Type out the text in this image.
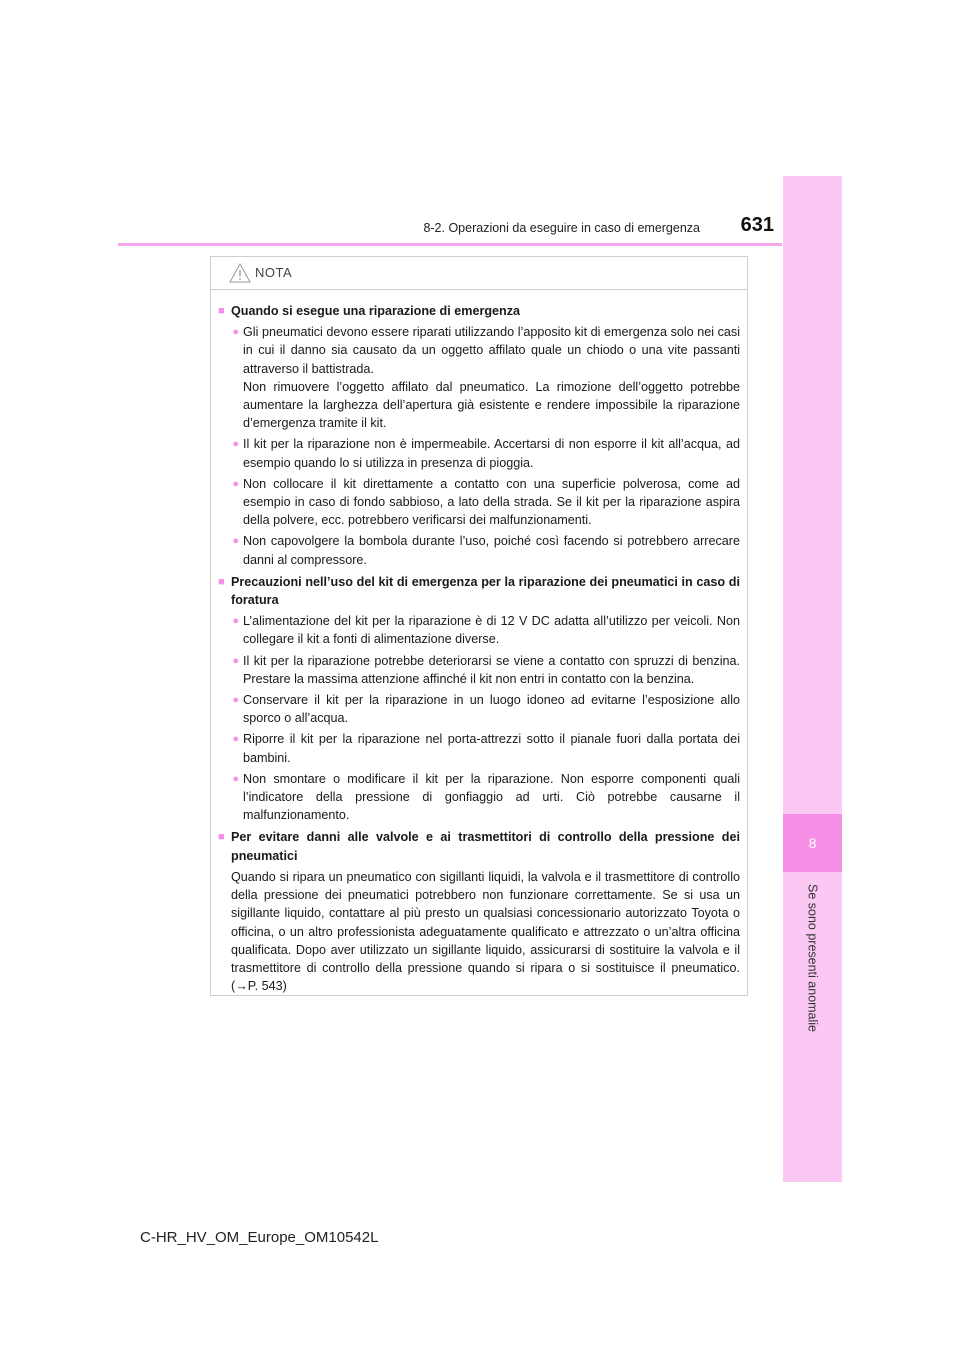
8
Se sono presenti anomalie
8-2. Operazioni da eseguire in caso di emergenza	631
NOTA
■ Quando si esegue una riparazione di emergenza
● Gli pneumatici devono essere riparati utilizzando l’apposito kit di emergenza solo nei casi in cui il danno sia causato da un oggetto affilato quale un chiodo o una vite passanti attraverso il battistrada.

Non rimuovere l’oggetto affilato dal pneumatico. La rimozione dell’oggetto potrebbe aumentare la larghezza dell’apertura già esistente e rendere impossibile la riparazione d’emergenza tramite il kit.

● Il kit per la riparazione non è impermeabile. Accertarsi di non esporre il kit all’acqua, ad esempio quando lo si utilizza in presenza di pioggia.

● Non collocare il kit direttamente a contatto con una superficie polverosa, come ad esempio in caso di fondo sabbioso, a lato della strada. Se il kit per la riparazione aspira della polvere, ecc. potrebbero verificarsi dei malfunzionamenti.

● Non capovolgere la bombola durante l’uso, poiché così facendo si potrebbero arrecare danni al compressore.

■ Precauzioni nell’uso del kit di emergenza per la riparazione dei pneumatici in caso di foratura
● L’alimentazione del kit per la riparazione è di 12 V DC adatta all’utilizzo per veicoli. Non collegare il kit a fonti di alimentazione diverse.

● Il kit per la riparazione potrebbe deteriorarsi se viene a contatto con spruzzi di benzina. Prestare la massima attenzione affinché il kit non entri in contatto con la benzina.

● Conservare il kit per la riparazione in un luogo idoneo ad evitarne l’esposizione allo sporco o all’acqua.

● Riporre il kit per la riparazione nel porta-attrezzi sotto il pianale fuori dalla portata dei bambini.

● Non smontare o modificare il kit per la riparazione. Non esporre componenti quali l’indicatore della pressione di gonfiaggio ad urti. Ciò potrebbe causarne il malfunzionamento.

■ Per evitare danni alle valvole e ai trasmettitori di controllo della pressione dei pneumatici
Quando si ripara un pneumatico con sigillanti liquidi, la valvola e il trasmettitore di controllo della pressione dei pneumatici potrebbero non funzionare correttamente. Se si usa un sigillante liquido, contattare al più presto un qualsiasi concessionario autorizzato Toyota o officina, o un altro professionista adeguatamente qualificato e attrezzato o un’altra officina qualificata. Dopo aver utilizzato un sigillante liquido, assicurarsi di sostituire la valvola e il trasmettitore di controllo della pressione quando si ripara o si sostituisce il pneumatico. (→P. 543)
C-HR_HV_OM_Europe_OM10542L
